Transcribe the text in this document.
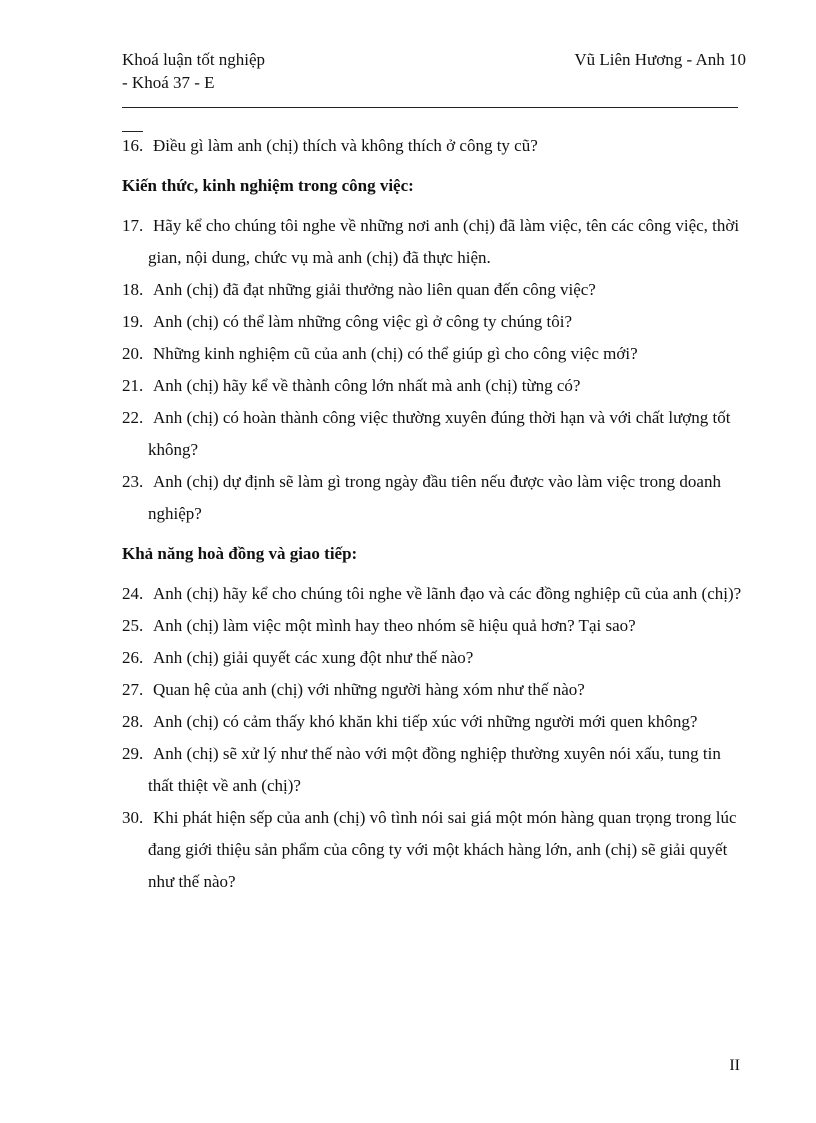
Khoá luận tốt nghiệp
- Khoá 37 - E
Vũ Liên Hương - Anh 10
16. Điều gì làm anh (chị) thích và không thích ở công ty cũ?
Kiến thức, kinh nghiệm trong công việc:
17. Hãy kể cho chúng tôi nghe về những nơi anh (chị) đã làm việc, tên các công việc, thời gian, nội dung, chức vụ mà anh (chị) đã thực hiện.
18. Anh (chị) đã đạt những giải thưởng nào liên quan đến công việc?
19. Anh (chị) có thể làm những công việc gì ở công ty chúng tôi?
20. Những kinh nghiệm cũ của anh (chị) có thể giúp gì cho công việc mới?
21. Anh (chị) hãy kể về thành công lớn nhất mà anh (chị) từng có?
22. Anh (chị) có hoàn thành công việc thường xuyên đúng thời hạn và với chất lượng tốt không?
23. Anh (chị) dự định sẽ làm gì trong ngày đầu tiên nếu được vào làm việc trong doanh nghiệp?
Khả năng hoà đồng và giao tiếp:
24. Anh (chị) hãy kể cho chúng tôi nghe về lãnh đạo và các đồng nghiệp cũ của anh (chị)?
25. Anh (chị) làm việc một mình hay theo nhóm sẽ hiệu quả hơn? Tại sao?
26. Anh (chị) giải quyết các xung đột như thế nào?
27. Quan hệ của anh (chị) với những người hàng xóm như thế nào?
28. Anh (chị) có cảm thấy khó khăn khi tiếp xúc với những người mới quen không?
29. Anh (chị) sẽ xử lý như thế nào với một đồng nghiệp thường xuyên nói xấu, tung tin thất thiệt về anh (chị)?
30. Khi phát hiện sếp của anh (chị) vô tình nói sai giá một món hàng quan trọng trong lúc đang giới thiệu sản phẩm của công ty với một khách hàng lớn, anh (chị) sẽ giải quyết như thế nào?
II
